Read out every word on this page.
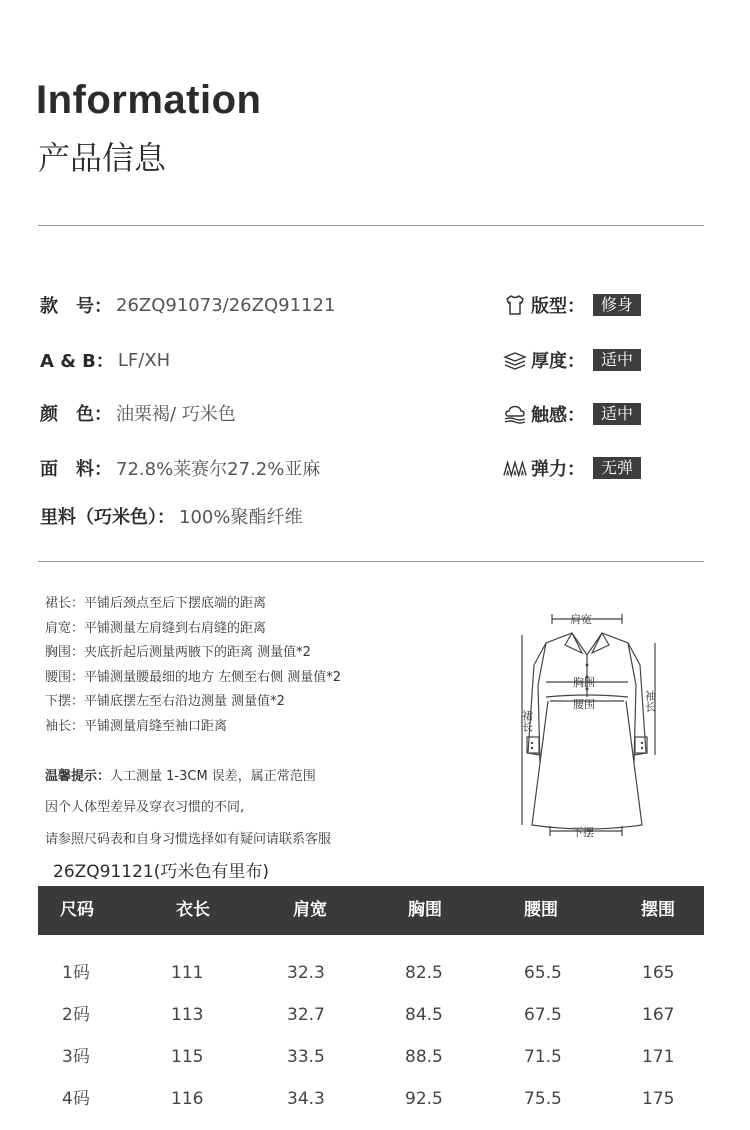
Information
产品信息
款　号： 26ZQ91073/26ZQ91121
A & B： LF/XH
颜　色： 油栗褐/ 巧米色
面　料： 72.8%莱赛尔27.2%亚麻
里料（巧米色）： 100%聚酯纤维
版型：	修身
厚度：	适中
触感：	适中
弹力：	无弹
裙长：平铺后颈点至后下摆底端的距离
肩宽：平铺测量左肩缝到右肩缝的距离
胸围：夹底折起后测量两腋下的距离 测量值*2
腰围：平铺测量腰最细的地方 左侧至右侧 测量值*2
下摆：平铺底摆左至右沿边测量 测量值*2
袖长：平铺测量肩缝至袖口距离
温馨提示：人工测量 1-3CM 误差，属正常范围
因个人体型差异及穿衣习惯的不同,
请参照尺码表和自身习惯选择如有疑问请联系客服
肩宽
胸围
腰围
下摆
裙长
袖长
26ZQ91121(巧米色有里布)
尺码	衣长	肩宽	胸围	腰围	摆围
1码	111	32.3	82.5	65.5	165
2码	113	32.7	84.5	67.5	167
3码	115	33.5	88.5	71.5	171
4码	116	34.3	92.5	75.5	175
